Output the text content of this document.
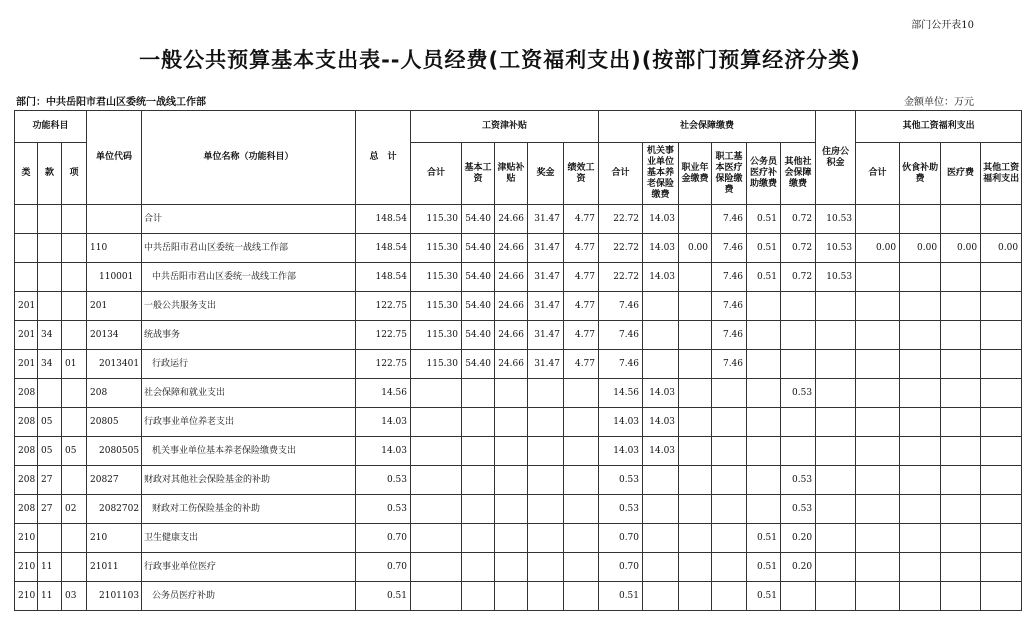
部门公开表10
一般公共预算基本支出表--人员经费(工资福利支出)(按部门预算经济分类)
部门：中共岳阳市君山区委统一战线工作部	金额单位：万元
功能科目			单位代码	单位名称（功能科目）	总　计	工资津补贴					社会保障缴费						住房公积金	其他工资福利支出			
类	款	项				合计	基本工资	津贴补贴	奖金	绩效工资	合计	机关事业单位基本养老保险缴费	职业年金缴费	职工基本医疗保险缴费	公务员医疗补助缴费	其他社会保障缴费		合计	伙食补助费	医疗费	其他工资福利支出
				合计	148.54	115.30	54.40	24.66	31.47	4.77	22.72	14.03		7.46	0.51	0.72	10.53				
			110	中共岳阳市君山区委统一战线工作部	148.54	115.30	54.40	24.66	31.47	4.77	22.72	14.03	0.00	7.46	0.51	0.72	10.53	0.00	0.00	0.00	0.00
			110001	中共岳阳市君山区委统一战线工作部	148.54	115.30	54.40	24.66	31.47	4.77	22.72	14.03		7.46	0.51	0.72	10.53				
201			201	一般公共服务支出	122.75	115.30	54.40	24.66	31.47	4.77	7.46			7.46							
201	34		20134	统战事务	122.75	115.30	54.40	24.66	31.47	4.77	7.46			7.46							
201	34	01	2013401	行政运行	122.75	115.30	54.40	24.66	31.47	4.77	7.46			7.46							
208			208	社会保障和就业支出	14.56						14.56	14.03				0.53					
208	05		20805	行政事业单位养老支出	14.03						14.03	14.03									
208	05	05	2080505	机关事业单位基本养老保险缴费支出	14.03						14.03	14.03									
208	27		20827	财政对其他社会保险基金的补助	0.53						0.53					0.53					
208	27	02	2082702	财政对工伤保险基金的补助	0.53						0.53					0.53					
210			210	卫生健康支出	0.70						0.70				0.51	0.20					
210	11		21011	行政事业单位医疗	0.70						0.70				0.51	0.20					
210	11	03	2101103	公务员医疗补助	0.51						0.51				0.51						
